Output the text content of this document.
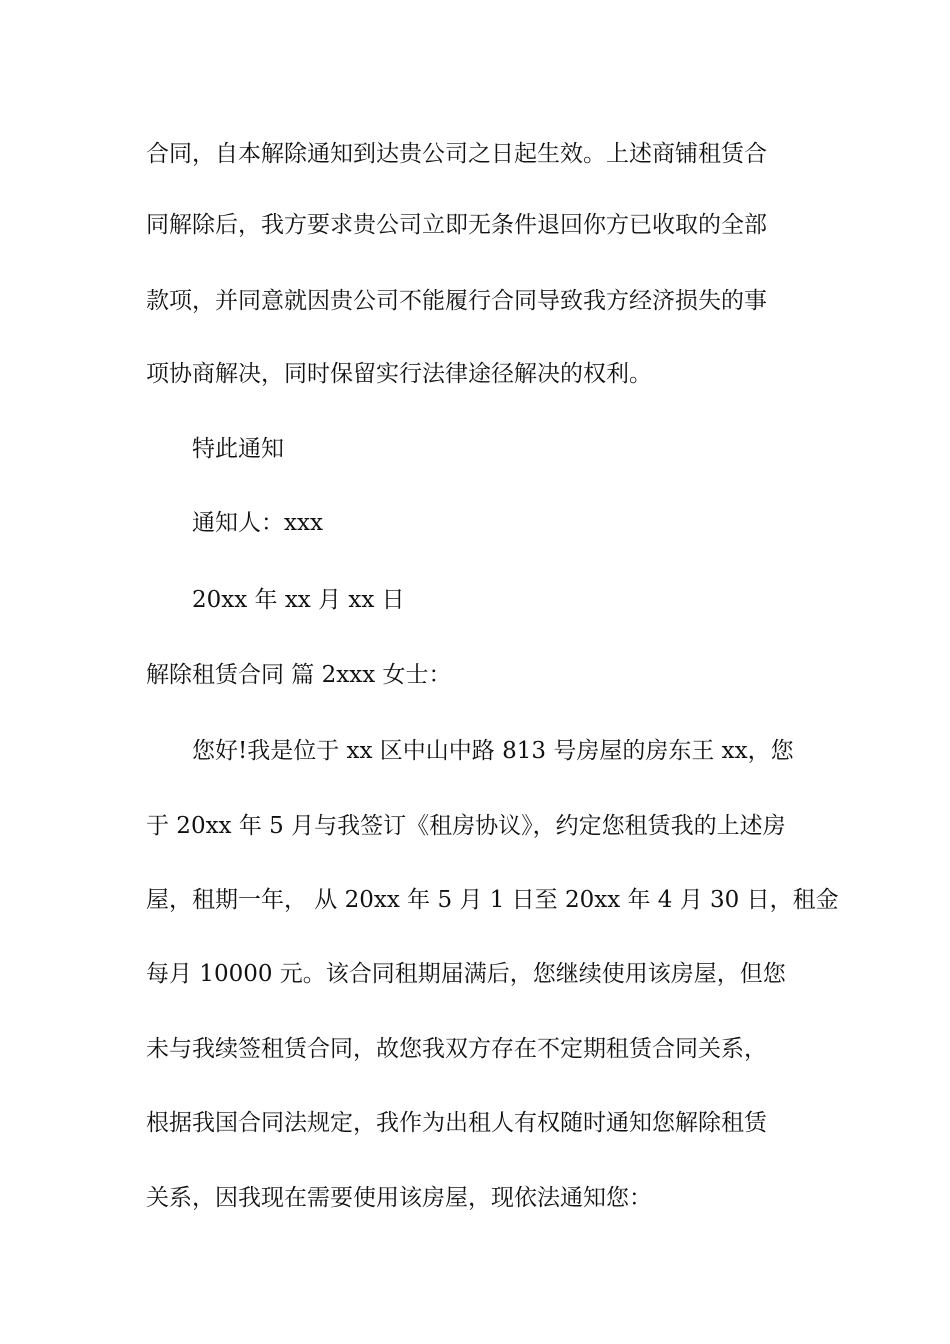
合同，自本解除通知到达贵公司之日起生效。上述商铺租赁合
同解除后，我方要求贵公司立即无条件退回你方已收取的全部
款项，并同意就因贵公司不能履行合同导致我方经济损失的事
项协商解决，同时保留实行法律途径解决的权利。
特此通知
通知人：xxx
20xx 年 xx 月 xx 日
解除租赁合同 篇 2xxx 女士：
您好!我是位于 xx 区中山中路 813 号房屋的房东王 xx，您
于 20xx 年 5 月与我签订《租房协议》，约定您租赁我的上述房
屋，租期一年， 从 20xx 年 5 月 1 日至 20xx 年 4 月 30 日，租金
每月 10000 元。该合同租期届满后，您继续使用该房屋，但您
未与我续签租赁合同，故您我双方存在不定期租赁合同关系，
根据我国合同法规定，我作为出租人有权随时通知您解除租赁
关系，因我现在需要使用该房屋，现依法通知您：
